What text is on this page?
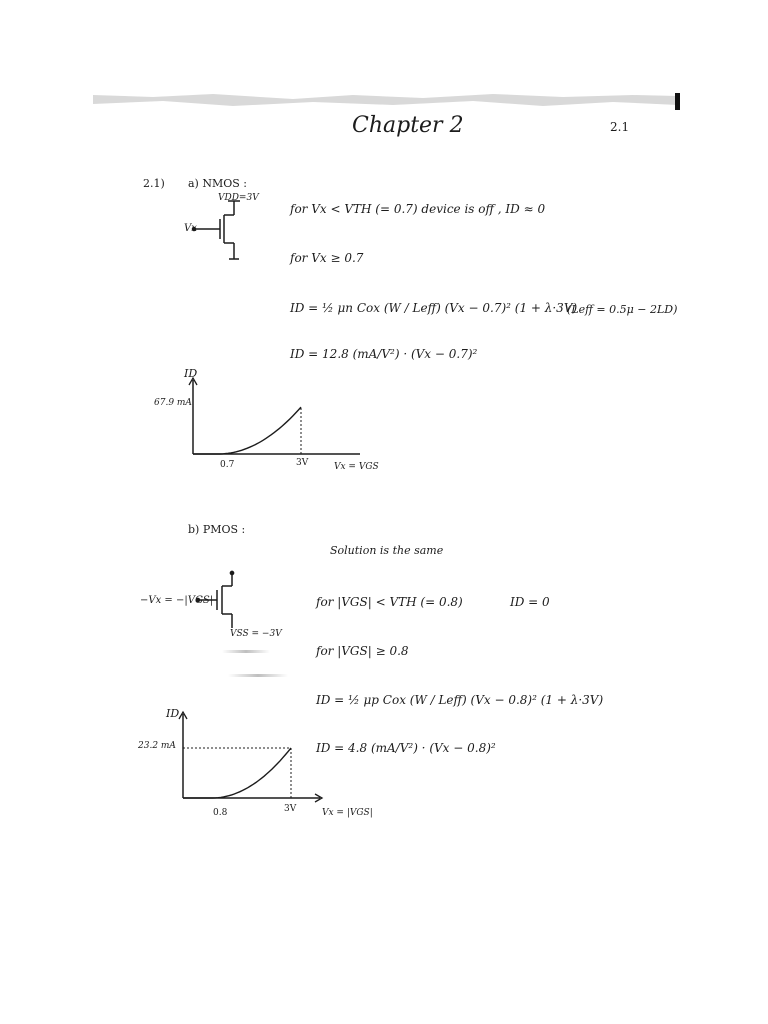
Chapter 2	2.1
2.1) a) NMOS :
VDD=3V
Vx
for Vx < VTH (= 0.7) device is off , ID ≈ 0
for Vx ≥ 0.7
ID = ½ μn Cox (W / Leff) (Vx − 0.7)² (1 + λ·3V)
(Leff = 0.5μ − 2LD)
ID = 12.8 (mA/V²) · (Vx − 0.7)²
ID
67.9 mA
0.7	3V	Vx = VGS
b) PMOS :
Solution is the same
−Vx = −|VGS|
VSS = −3V
for |VGS| < VTH (= 0.8)	ID = 0
for |VGS| ≥ 0.8
ID = ½ μp Cox (W / Leff) (Vx − 0.8)² (1 + λ·3V)
ID = 4.8 (mA/V²) · (Vx − 0.8)²
ID
23.2 mA
0.8	3V	Vx = |VGS|
